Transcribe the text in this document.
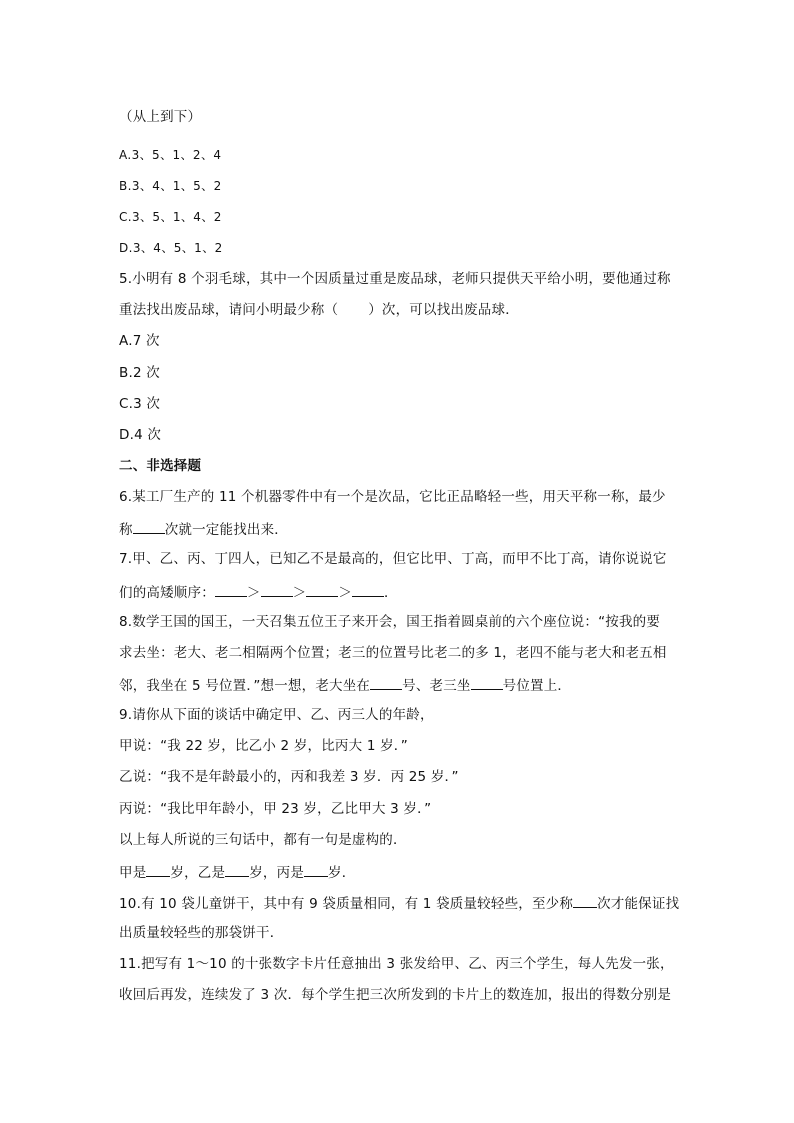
（从上到下）
A.3、5、1、2、4
B.3、4、1、5、2
C.3、5、1、4、2
D.3、4、5、1、2
5.小明有 8 个羽毛球，其中一个因质量过重是废品球，老师只提供天平给小明，要他通过称
重法找出废品球，请问小明最少称（ ）次，可以找出废品球．
A.7 次
B.2 次
C.3 次
D.4 次
二、非选择题
6.某工厂生产的 11 个机器零件中有一个是次品，它比正品略轻一些，用天平称一称，最少
称 次就一定能找出来．
7.甲、乙、丙、丁四人，已知乙不是最高的，但它比甲、丁高，而甲不比丁高，请你说说它
们的高矮顺序： ＞ ＞ ＞ ．
8.数学王国的国王，一天召集五位王子来开会，国王指着圆桌前的六个座位说：“按我的要
求去坐：老大、老二相隔两个位置；老三的位置号比老二的多 1，老四不能与老大和老五相
邻，我坐在 5 号位置．”想一想，老大坐在 号、老三坐 号位置上．
9.请你从下面的谈话中确定甲、乙、丙三人的年龄，
甲说：“我 22 岁，比乙小 2 岁，比丙大 1 岁．”
乙说：“我不是年龄最小的，丙和我差 3 岁．丙 25 岁．”
丙说：“我比甲年龄小，甲 23 岁，乙比甲大 3 岁．”
以上每人所说的三句话中，都有一句是虚构的．
甲是 岁，乙是 岁，丙是 岁．
10.有 10 袋儿童饼干，其中有 9 袋质量相同，有 1 袋质量较轻些，至少称 次才能保证找
出质量较轻些的那袋饼干．
11.把写有 1～10 的十张数字卡片任意抽出 3 张发给甲、乙、丙三个学生，每人先发一张，
收回后再发，连续发了 3 次．每个学生把三次所发到的卡片上的数连加，报出的得数分别是
